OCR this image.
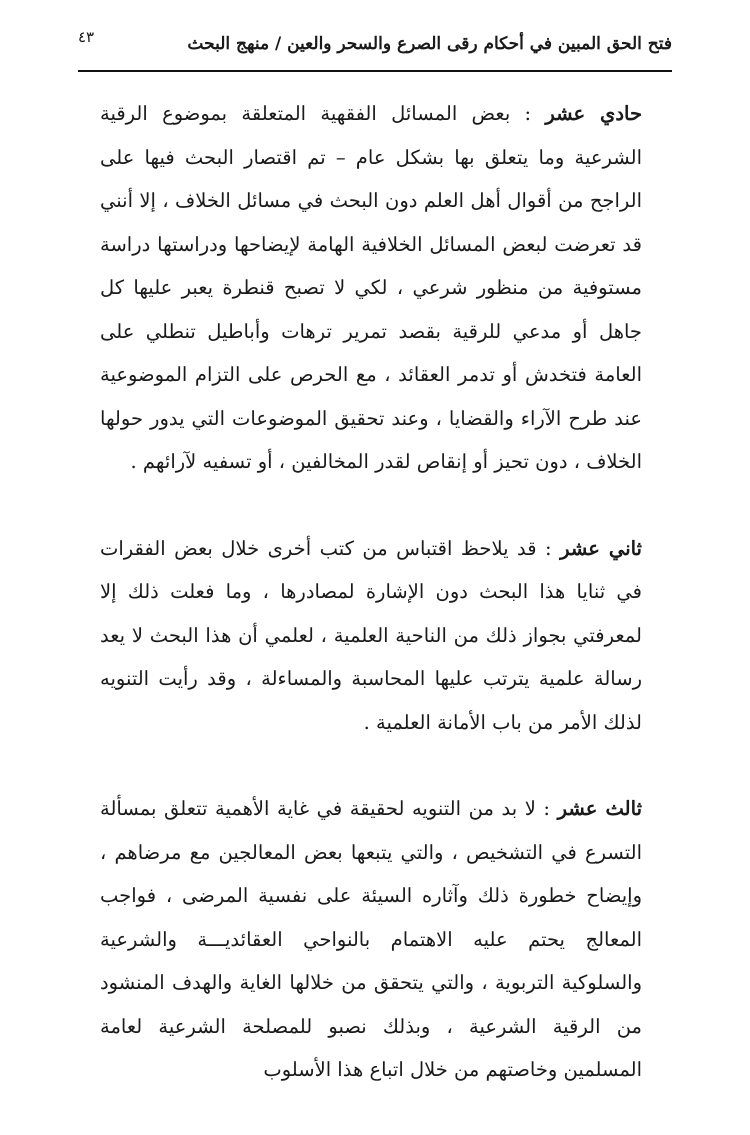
فتح الحق المبين في أحكام رقى الصرع والسحر والعين / منهج البحث
٤٣

حادي عشر : بعض المسائل الفقهية المتعلقة بموضوع الرقية الشرعية وما يتعلق بها بشكل عام – تم اقتصار البحث فيها على الراجح من أقوال أهل العلم دون البحث في مسائل الخلاف ، إلا أنني قد تعرضت لبعض المسائل الخلافية الهامة لإيضاحها ودراستها دراسة مستوفية من منظور شرعي ، لكي لا تصبح قنطرة يعبر عليها كل جاهل أو مدعي للرقية بقصد تمرير ترهات وأباطيل تنطلي على العامة فتخدش أو تدمر العقائد ، مع الحرص على التزام الموضوعية عند طرح الآراء والقضايا ، وعند تحقيق الموضوعات التي يدور حولها الخلاف ، دون تحيز أو إنقاص لقدر المخالفين ، أو تسفيه لآرائهم .

ثاني عشر : قد يلاحظ اقتباس من كتب أخرى خلال بعض الفقرات في ثنايا هذا البحث دون الإشارة لمصادرها ، وما فعلت ذلك إلا لمعرفتي بجواز ذلك من الناحية العلمية ، لعلمي أن هذا البحث لا يعد رسالة علمية يترتب عليها المحاسبة والمساءلة ، وقد رأيت التنويه لذلك الأمر من باب الأمانة العلمية .

ثالث عشر : لا بد من التنويه لحقيقة في غاية الأهمية تتعلق بمسألة التسرع في التشخيص ، والتي يتبعها بعض المعالجين مع مرضاهم ، وإيضاح خطورة ذلك وآثاره السيئة على نفسية المرضى ، فواجب المعالج يحتم عليه الاهتمام بالنواحي العقائديـــة والشرعية والسلوكية التربوية ، والتي يتحقق من خلالها الغاية والهدف المنشود من الرقية الشرعية ، وبذلك نصبو للمصلحة الشرعية لعامة المسلمين وخاصتهم من خلال اتباع هذا الأسلوب
